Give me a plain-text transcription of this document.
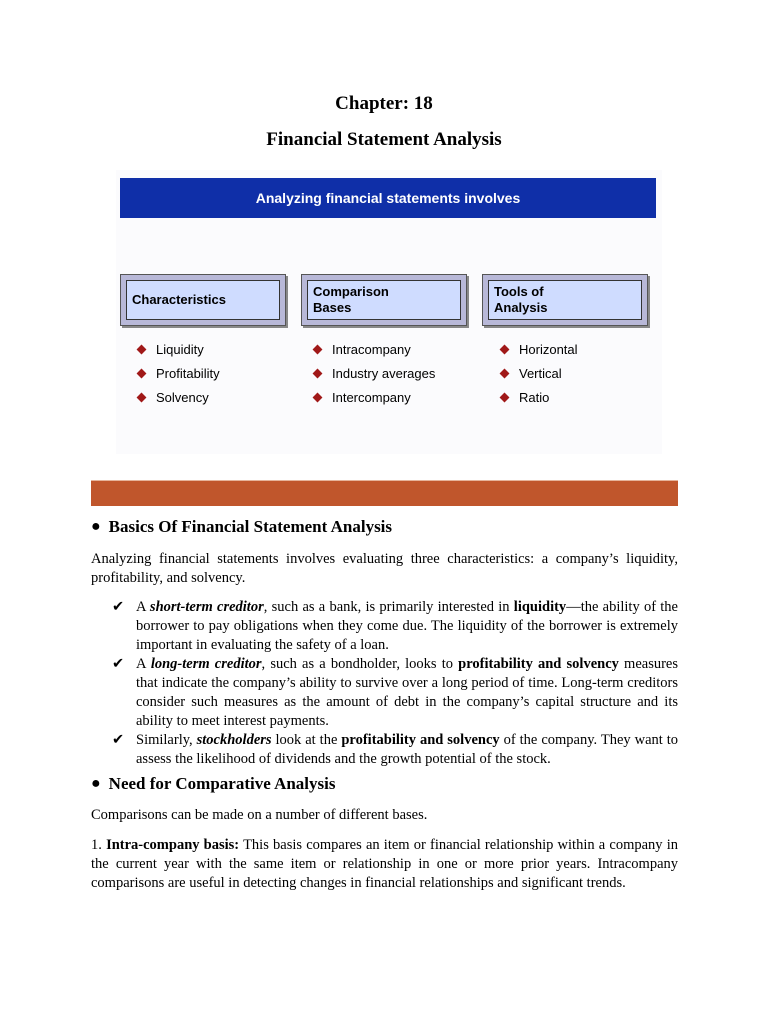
Chapter: 18
Financial Statement Analysis
Analyzing financial statements involves
Characteristics
Comparison
Bases
Tools of
Analysis
Liquidity
Profitability
Solvency
Intracompany
Industry averages
Intercompany
Horizontal
Vertical
Ratio
● Basics Of Financial Statement Analysis

Analyzing financial statements involves evaluating three characteristics: a company’s liquidity, profitability, and solvency.

✔ A short-term creditor, such as a bank, is primarily interested in liquidity—the ability of the borrower to pay obligations when they come due. The liquidity of the borrower is extremely important in evaluating the safety of a loan.
✔ A long-term creditor, such as a bondholder, looks to profitability and solvency measures that indicate the company’s ability to survive over a long period of time. Long-term creditors consider such measures as the amount of debt in the company’s capital structure and its ability to meet interest payments.
✔ Similarly, stockholders look at the profitability and solvency of the company. They want to assess the likelihood of dividends and the growth potential of the stock.
● Need for Comparative Analysis

Comparisons can be made on a number of different bases.

1. Intra-company basis: This basis compares an item or financial relationship within a company in the current year with the same item or relationship in one or more prior years. Intracompany comparisons are useful in detecting changes in financial relationships and significant trends.
